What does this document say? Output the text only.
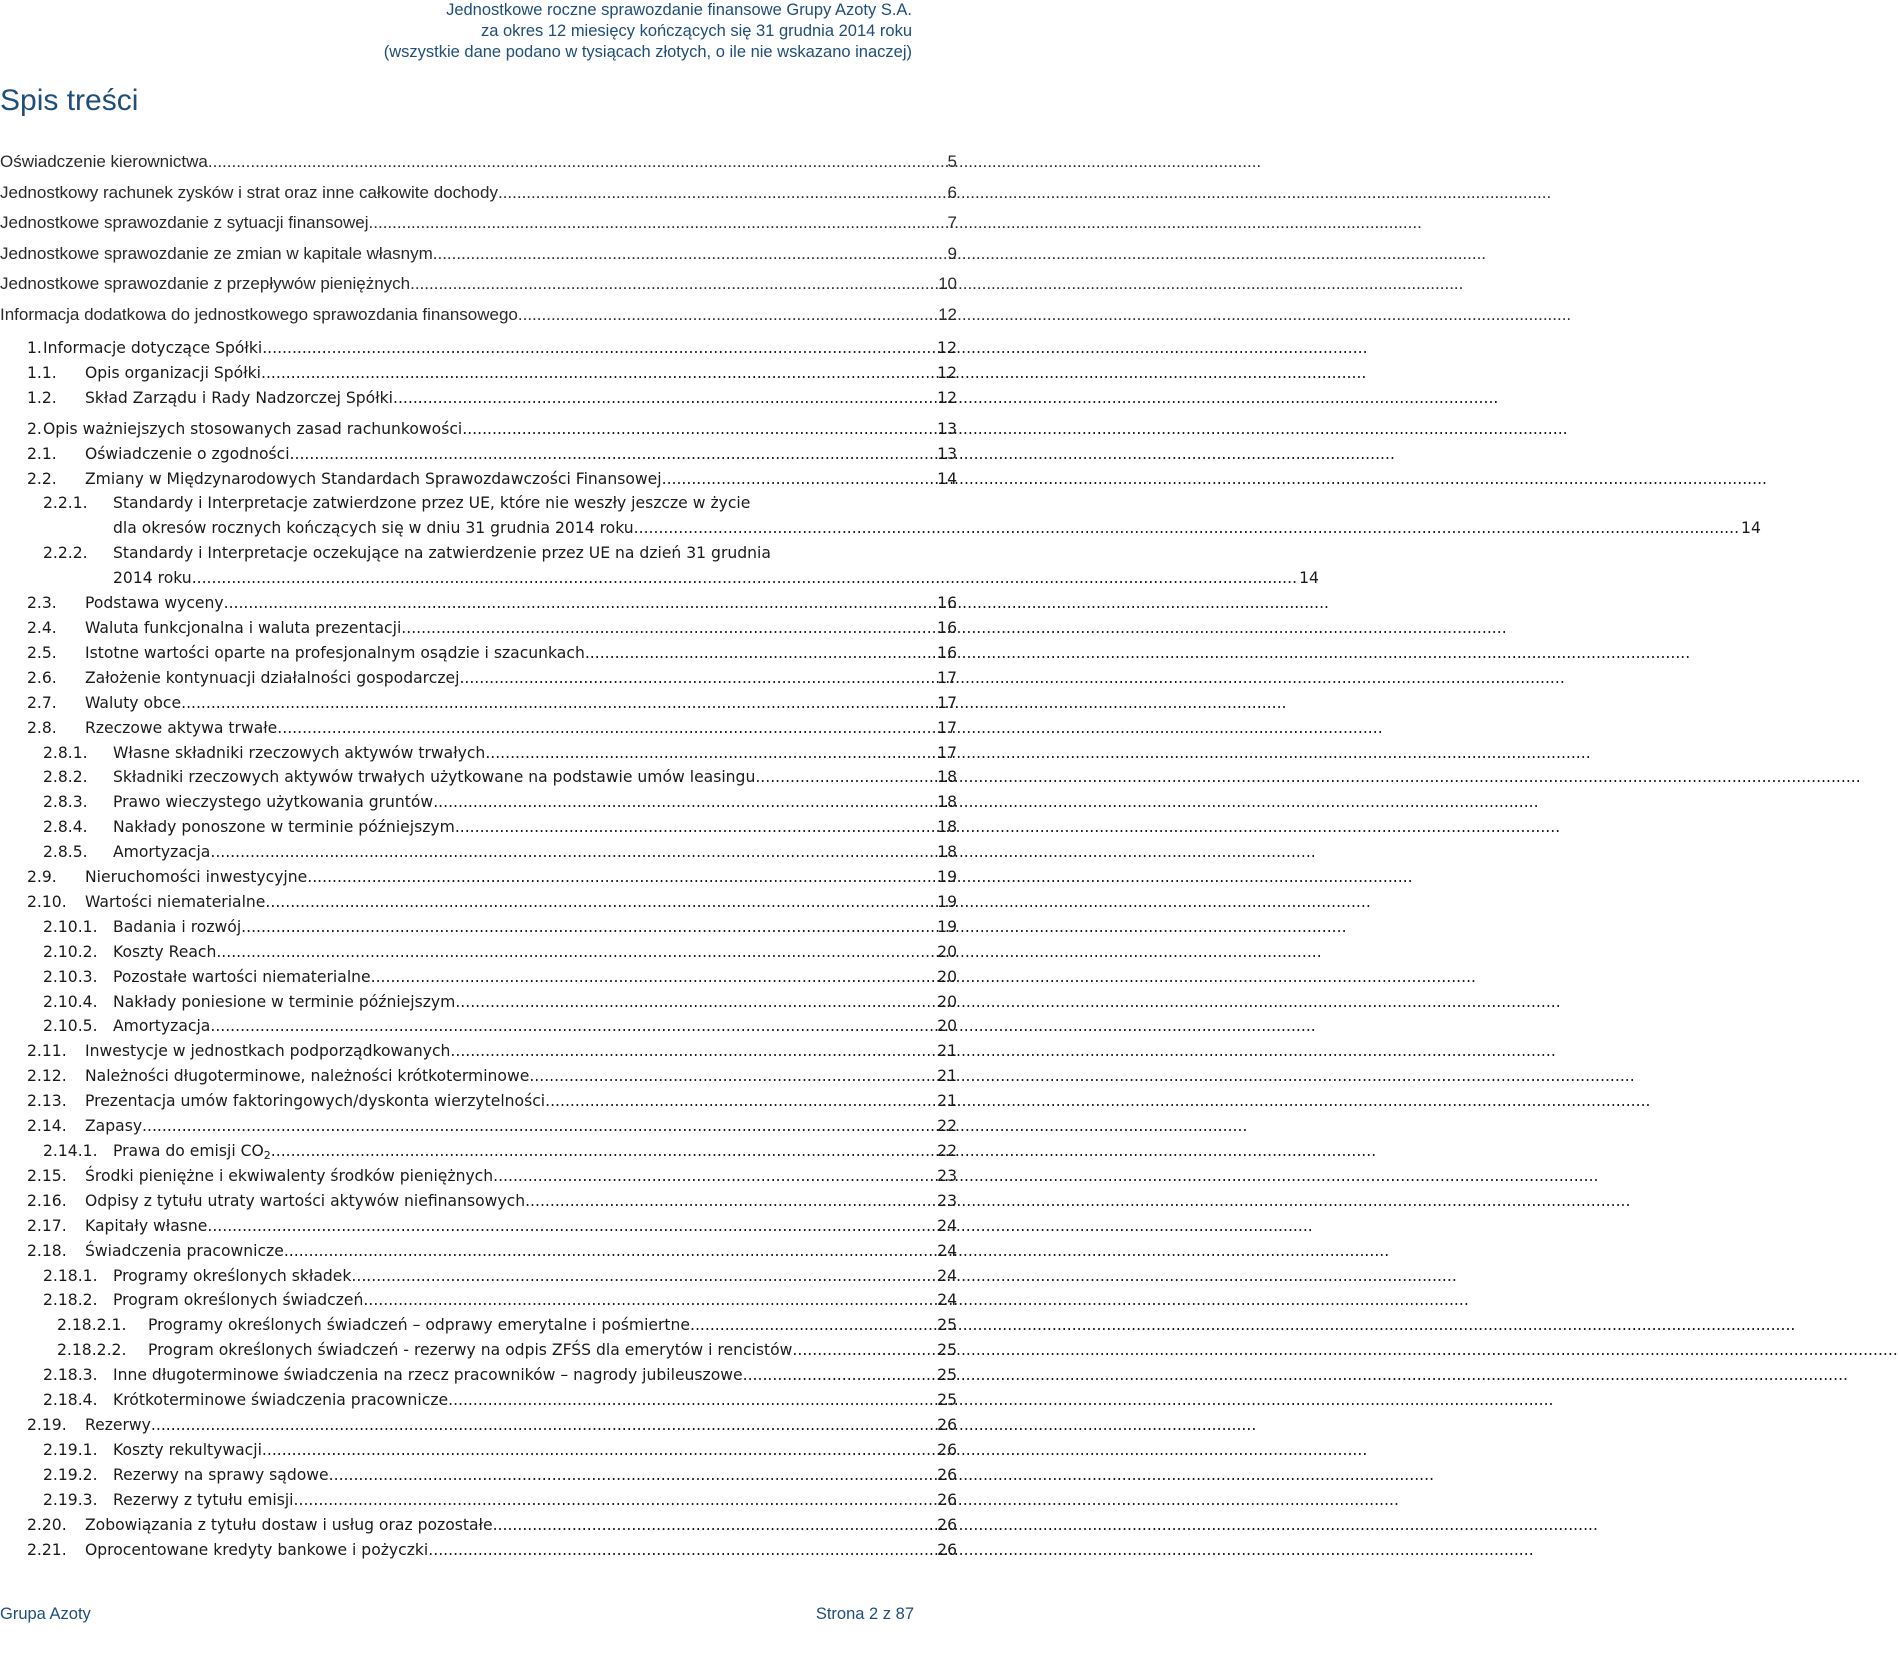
Jednostkowe roczne sprawozdanie finansowe Grupy Azoty S.A.
za okres 12 miesięcy kończących się 31 grudnia 2014 roku
(wszystkie dane podano w tysiącach złotych, o ile nie wskazano inaczej)
Spis treści
Oświadczenie kierownictwa .....	5
Jednostkowy rachunek zysków i strat oraz inne całkowite dochody .....	6
Jednostkowe sprawozdanie z sytuacji finansowej .....	7
Jednostkowe sprawozdanie ze zmian w kapitale własnym .....	9
Jednostkowe sprawozdanie z przepływów pieniężnych .....	10
Informacja dodatkowa do jednostkowego sprawozdania finansowego .....	12
1. Informacje dotyczące Spółki .....	12
1.1.	Opis organizacji Spółki .....	12
1.2.	Skład Zarządu i Rady Nadzorczej Spółki .....	12
2. Opis ważniejszych stosowanych zasad rachunkowości .....	13
2.1.	Oświadczenie o zgodności .....	13
2.2.	Zmiany w Międzynarodowych Standardach Sprawozdawczości Finansowej .....	14
2.2.1.	Standardy i Interpretacje zatwierdzone przez UE, które nie weszły jeszcze w życie
dla okresów rocznych kończących się w dniu 31 grudnia 2014 roku .....	14
2.2.2.	Standardy i Interpretacje oczekujące na zatwierdzenie przez UE na dzień 31 grudnia
2014 roku .....	14
2.3.	Podstawa wyceny .....	16
2.4.	Waluta funkcjonalna i waluta prezentacji .....	16
2.5.	Istotne wartości oparte na profesjonalnym osądzie i szacunkach .....	16
2.6.	Założenie kontynuacji działalności gospodarczej .....	17
2.7.	Waluty obce .....	17
2.8.	Rzeczowe aktywa trwałe .....	17
2.8.1.	Własne składniki rzeczowych aktywów trwałych .....	17
2.8.2.	Składniki rzeczowych aktywów trwałych użytkowane na podstawie umów leasingu .....	18
2.8.3.	Prawo wieczystego użytkowania gruntów .....	18
2.8.4.	Nakłady ponoszone w terminie późniejszym .....	18
2.8.5.	Amortyzacja .....	18
2.9.	Nieruchomości inwestycyjne .....	19
2.10.	Wartości niematerialne .....	19
2.10.1. Badania i rozwój .....	19
2.10.2. Koszty Reach .....	20
2.10.3. Pozostałe wartości niematerialne .....	20
2.10.4. Nakłady poniesione w terminie późniejszym .....	20
2.10.5. Amortyzacja .....	20
2.11.	Inwestycje w jednostkach podporządkowanych .....	21
2.12.	Należności długoterminowe, należności krótkoterminowe .....	21
2.13.	Prezentacja umów faktoringowych/dyskonta wierzytelności .....	21
2.14.	Zapasy .....	22
2.14.1. Prawa do emisji $CO_2$ .....	22
2.15.	Środki pieniężne i ekwiwalenty środków pieniężnych .....	23
2.16.	Odpisy z tytułu utraty wartości aktywów niefinansowych .....	23
2.17.	Kapitały własne .....	24
2.18.	Świadczenia pracownicze .....	24
2.18.1. Programy określonych składek .....	24
2.18.2. Program określonych świadczeń .....	24
2.18.2.1.	Programy określonych świadczeń – odprawy emerytalne i pośmiertne .....	25
2.18.2.2.	Program określonych świadczeń - rezerwy na odpis ZFŚS dla emerytów i rencistów .....	25
2.18.3. Inne długoterminowe świadczenia na rzecz pracowników – nagrody jubileuszowe .....	25
2.18.4. Krótkoterminowe świadczenia pracownicze .....	25
2.19.	Rezerwy .....	26
2.19.1. Koszty rekultywacji .....	26
2.19.2. Rezerwy na sprawy sądowe .....	26
2.19.3. Rezerwy z tytułu emisji .....	26
2.20.	Zobowiązania z tytułu dostaw i usług oraz pozostałe .....	26
2.21.	Oprocentowane kredyty bankowe i pożyczki .....	26
Grupa Azoty	Strona 2 z 87
